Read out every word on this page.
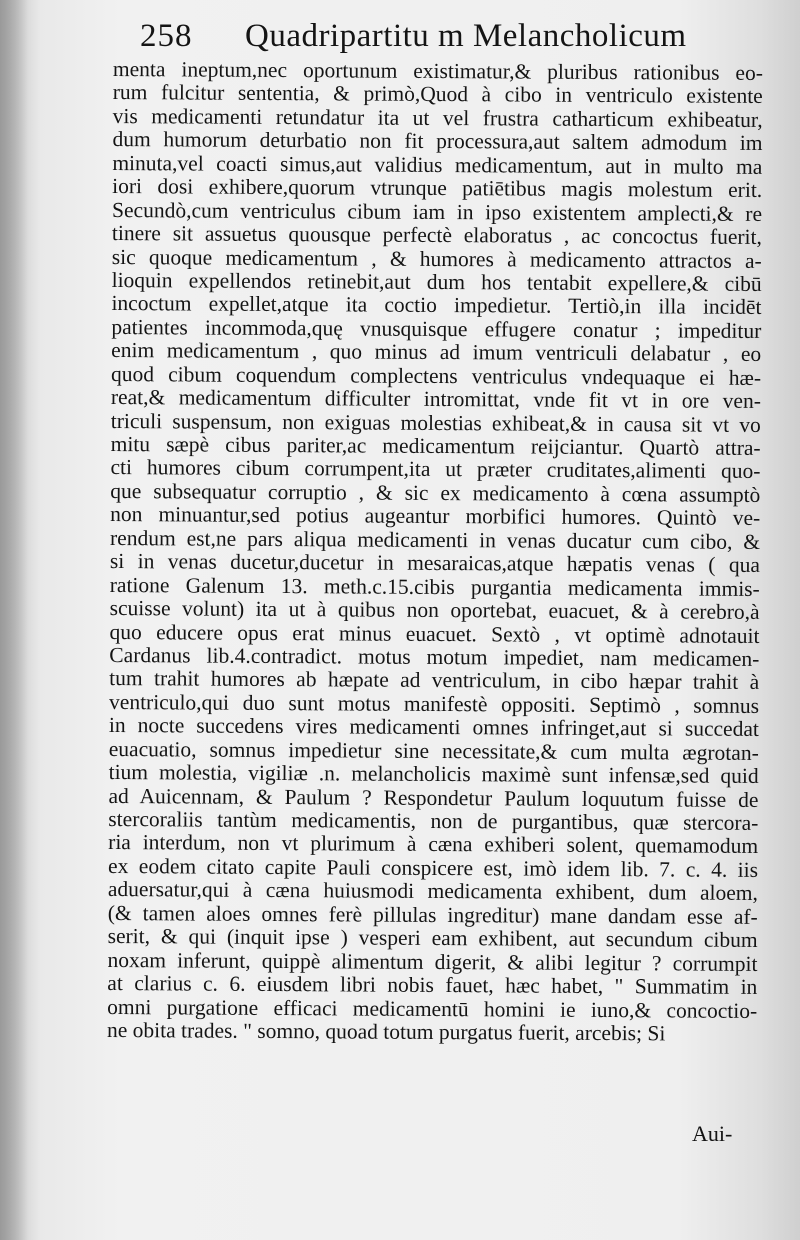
258 Quadripartitu m Melancholicum
menta ineptum,nec oportunum existimatur,& pluribus rationibus eo-
rum fulcitur sententia, & primò,Quod à cibo in ventriculo existente
vis medicamenti retundatur ita ut vel frustra catharticum exhibeatur,
dum humorum deturbatio non fit processura,aut saltem admodum im
minuta,vel coacti simus,aut validius medicamentum, aut in multo ma
iori dosi exhibere,quorum vtrunque patiētibus magis molestum erit.
Secundò,cum ventriculus cibum iam in ipso existentem amplecti,& re
tinere sit assuetus quousque perfectè elaboratus , ac concoctus fuerit,
sic quoque medicamentum , & humores à medicamento attractos a-
lioquin expellendos retinebit,aut dum hos tentabit expellere,& cibū
incoctum expellet,atque ita coctio impedietur. Tertiò,in illa incidēt
patientes incommoda,quę vnusquisque effugere conatur ; impeditur
enim medicamentum , quo minus ad imum ventriculi delabatur , eo
quod cibum coquendum complectens ventriculus vndequaque ei hæ-
reat,& medicamentum difficulter intromittat, vnde fit vt in ore ven-
triculi suspensum, non exiguas molestias exhibeat,& in causa sit vt vo
mitu sæpè cibus pariter,ac medicamentum reijciantur. Quartò attra-
cti humores cibum corrumpent,ita ut præter cruditates,alimenti quo-
que subsequatur corruptio , & sic ex medicamento à cœna assumptò
non minuantur,sed potius augeantur morbifici humores. Quintò ve-
rendum est,ne pars aliqua medicamenti in venas ducatur cum cibo, &
si in venas ducetur,ducetur in mesaraicas,atque hæpatis venas ( qua
ratione Galenum 13. meth.c.15.cibis purgantia medicamenta immis-
scuisse volunt) ita ut à quibus non oportebat, euacuet, & à cerebro,à
quo educere opus erat minus euacuet. Sextò , vt optimè adnotauit
Cardanus lib.4.contradict. motus motum impediet, nam medicamen-
tum trahit humores ab hæpate ad ventriculum, in cibo hæpar trahit à
ventriculo,qui duo sunt motus manifestè oppositi. Septimò , somnus
in nocte succedens vires medicamenti omnes infringet,aut si succedat
euacuatio, somnus impedietur sine necessitate,& cum multa ægrotan-
tium molestia, vigiliæ .n. melancholicis maximè sunt infensæ,sed quid
ad Auicennam, & Paulum ? Respondetur Paulum loquutum fuisse de
stercoraliis tantùm medicamentis, non de purgantibus, quæ stercora-
ria interdum, non vt plurimum à cæna exhiberi solent, quemamodum
ex eodem citato capite Pauli conspicere est, imò idem lib. 7. c. 4. iis
aduersatur,qui à cæna huiusmodi medicamenta exhibent, dum aloem,
(& tamen aloes omnes ferè pillulas ingreditur) mane dandam esse af-
serit, & qui (inquit ipse ) vesperi eam exhibent, aut secundum cibum
noxam inferunt, quippè alimentum digerit, & alibi legitur ? corrumpit
at clarius c. 6. eiusdem libri nobis fauet, hæc habet, " Summatim in
omni purgatione efficaci medicamentū homini ie iuno,& concoctio-
ne obita trades. " somno, quoad totum purgatus fuerit, arcebis; Si
Aui-
